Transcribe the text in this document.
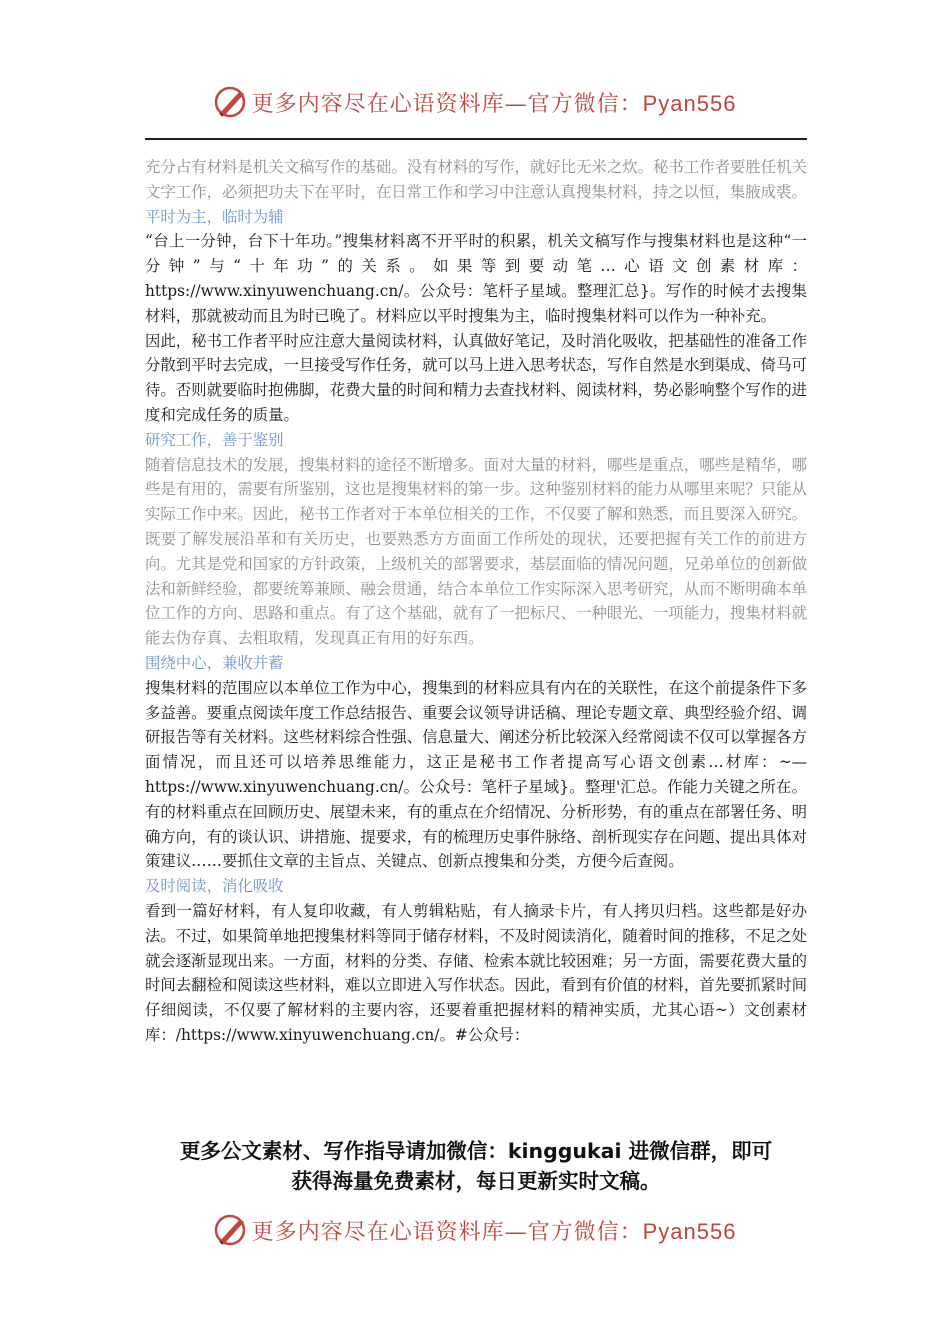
更多内容尽在心语资料库—官方微信：Pyan556

充分占有材料是机关文稿写作的基础。没有材料的写作，就好比无米之炊。秘书工作者要胜任机关文字工作，必须把功夫下在平时，在日常工作和学习中注意认真搜集材料，持之以恒，集腋成裘。

平时为主，临时为辅

“台上一分钟，台下十年功。”搜集材料离不开平时的积累，机关文稿写作与搜集材料也是这种“一分钟”与“十年功”的关系。如果等到要动笔…心语文创素材库：https://www.xinyuwenchuang.cn/。公众号：笔杆子星域。整理汇总}。写作的时候才去搜集材料，那就被动而且为时已晚了。材料应以平时搜集为主，临时搜集材料可以作为一种补充。

因此，秘书工作者平时应注意大量阅读材料，认真做好笔记，及时消化吸收，把基础性的准备工作分散到平时去完成，一旦接受写作任务，就可以马上进入思考状态，写作自然是水到渠成、倚马可待。否则就要临时抱佛脚，花费大量的时间和精力去查找材料、阅读材料，势必影响整个写作的进度和完成任务的质量。

研究工作，善于鉴别

随着信息技术的发展，搜集材料的途径不断增多。面对大量的材料，哪些是重点，哪些是精华，哪些是有用的，需要有所鉴别，这也是搜集材料的第一步。这种鉴别材料的能力从哪里来呢？只能从实际工作中来。因此，秘书工作者对于本单位相关的工作，不仅要了解和熟悉，而且要深入研究。既要了解发展沿革和有关历史，也要熟悉方方面面工作所处的现状，还要把握有关工作的前进方向。尤其是党和国家的方针政策，上级机关的部署要求，基层面临的情况问题，兄弟单位的创新做法和新鲜经验，都要统筹兼顾、融会贯通，结合本单位工作实际深入思考研究，从而不断明确本单位工作的方向、思路和重点。有了这个基础，就有了一把标尺、一种眼光、一项能力，搜集材料就能去伪存真、去粗取精，发现真正有用的好东西。

围绕中心，兼收并蓄

搜集材料的范围应以本单位工作为中心，搜集到的材料应具有内在的关联性，在这个前提条件下多多益善。要重点阅读年度工作总结报告、重要会议领导讲话稿、理论专题文章、典型经验介绍、调研报告等有关材料。这些材料综合性强、信息量大、阐述分析比较深入经常阅读不仅可以掌握各方面情况，而且还可以培养思维能力，这正是秘书工作者提高写心语文创素…材库：~—https://www.xinyuwenchuang.cn/。公众号：笔杆子星域}。整理'汇总。作能力关键之所在。有的材料重点在回顾历史、展望未来，有的重点在介绍情况、分析形势，有的重点在部署任务、明确方向，有的谈认识、讲措施、提要求，有的梳理历史事件脉络、剖析现实存在问题、提出具体对策建议……要抓住文章的主旨点、关键点、创新点搜集和分类，方便今后查阅。

及时阅读，消化吸收

看到一篇好材料，有人复印收藏，有人剪辑粘贴，有人摘录卡片，有人拷贝归档。这些都是好办法。不过，如果简单地把搜集材料等同于储存材料，不及时阅读消化，随着时间的推移，不足之处就会逐渐显现出来。一方面，材料的分类、存储、检索本就比较困难；另一方面，需要花费大量的时间去翻检和阅读这些材料，难以立即进入写作状态。因此，看到有价值的材料，首先要抓紧时间仔细阅读，不仅要了解材料的主要内容，还要着重把握材料的精神实质，尤其心语~）文创素材库：/https://www.xinyuwenchuang.cn/。#公众号：

更多公文素材、写作指导请加微信：kinggukai 进微信群，即可
获得海量免费素材，每日更新实时文稿。
更多内容尽在心语资料库—官方微信：Pyan556
